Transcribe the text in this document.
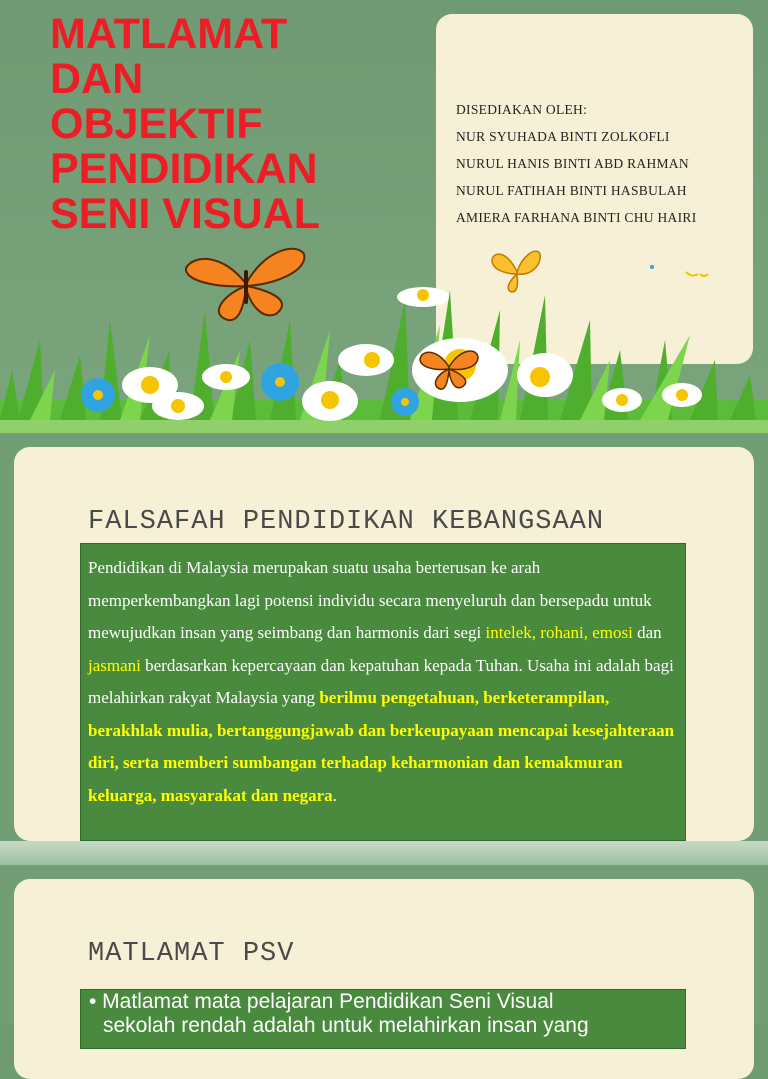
MATLAMAT
DAN
OBJEKTIF
PENDIDIKAN
SENI VISUAL
DISEDIAKAN OLEH:
NUR SYUHADA BINTI ZOLKOFLI
NURUL HANIS BINTI ABD RAHMAN
NURUL FATIHAH BINTI HASBULAH
AMIERA FARHANA BINTI CHU HAIRI
FALSAFAH PENDIDIKAN KEBANGSAAN
Pendidikan di Malaysia merupakan suatu usaha berterusan ke arah memperkembangkan lagi potensi individu secara menyeluruh dan bersepadu untuk mewujudkan insan yang seimbang dan harmonis dari segi intelek, rohani, emosi dan jasmani berdasarkan kepercayaan dan kepatuhan kepada Tuhan. Usaha ini adalah bagi melahirkan rakyat Malaysia yang berilmu pengetahuan, berketerampilan, berakhlak mulia, bertanggungjawab dan berkeupayaan mencapai kesejahteraan diri, serta memberi sumbangan terhadap keharmonian dan kemakmuran keluarga, masyarakat dan negara.
MATLAMAT PSV
• Matlamat mata pelajaran Pendidikan Seni Visual
sekolah rendah adalah untuk melahirkan insan yang
